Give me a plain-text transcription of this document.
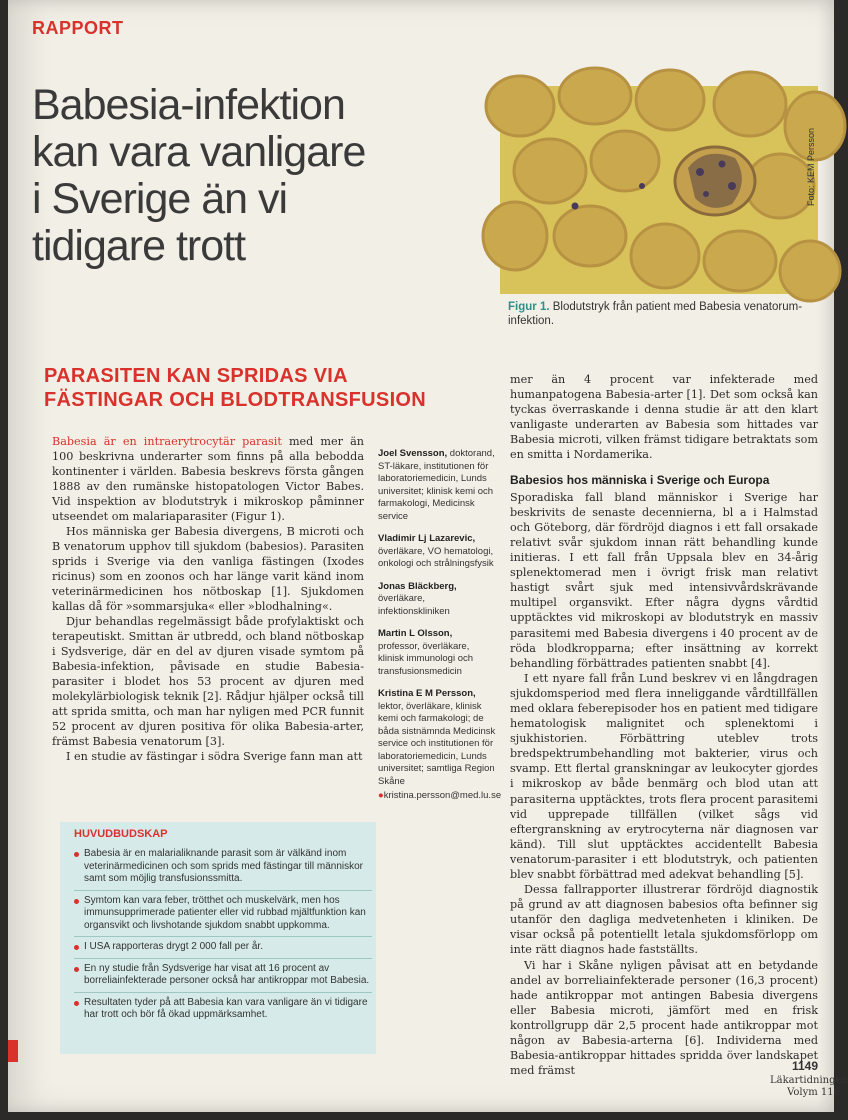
RAPPORT
Babesia-infektion
kan vara vanligare
i Sverige än vi
tidigare trott
Foto: KEM Persson
Figur 1. Blodutstryk från patient med Babesia venatorum-infektion.
PARASITEN KAN SPRIDAS VIA
FÄSTINGAR OCH BLODTRANSFUSION

Babesia är en intraerytrocytär parasit med mer än 100 beskrivna underarter som finns på alla bebodda kontinenter i världen. Babesia beskrevs första gången 1888 av den rumänske histopatologen Victor Babes. Vid inspektion av blodutstryk i mikroskop påminner utseendet om malariaparasiter (Figur 1).

Hos människa ger Babesia divergens, B microti och B venatorum upphov till sjukdom (babesios). Parasiten sprids i Sverige via den vanliga fästingen (Ixodes ricinus) som en zoonos och har länge varit känd inom veterinärmedicinen hos nötboskap [1]. Sjukdomen kallas då för »sommarsjuka« eller »blodhalning«.

Djur behandlas regelmässigt både profylaktiskt och terapeutiskt. Smittan är utbredd, och bland nötboskap i Sydsverige, där en del av djuren visade symtom på Babesia-infektion, påvisade en studie Babesia-parasiter i blodet hos 53 procent av djuren med molekylärbiologisk teknik [2]. Rådjur hjälper också till att sprida smitta, och man har nyligen med PCR funnit 52 procent av djuren positiva för olika Babesia-arter, främst Babesia venatorum [3].

I en studie av fästingar i södra Sverige fann man att

Joel Svensson, doktorand, ST-läkare, institutionen för laboratoriemedicin, Lunds universitet; klinisk kemi och farmakologi, Medicinsk service
Vladimir Lj Lazarevic, överläkare, VO hematologi, onkologi och strålningsfysik
Jonas Bläckberg, överläkare, infektionskliniken
Martin L Olsson, professor, överläkare, klinisk immunologi och transfusionsmedicin
Kristina E M Persson, lektor, överläkare, klinisk kemi och farmakologi; de båda sistnämnda Medicinsk service och institutionen för laboratoriemedicin, Lunds universitet; samtliga Region Skåne
●kristina.persson@med.lu.se

mer än 4 procent var infekterade med humanpatogena Babesia-arter [1]. Det som också kan tyckas överraskande i denna studie är att den klart vanligaste underarten av Babesia som hittades var Babesia microti, vilken främst tidigare betraktats som en smitta i Nordamerika.

Babesios hos människa i Sverige och Europa

Sporadiska fall bland människor i Sverige har beskrivits de senaste decennierna, bl a i Halmstad och Göteborg, där fördröjd diagnos i ett fall orsakade relativt svår sjukdom innan rätt behandling kunde initieras. I ett fall från Uppsala blev en 34-årig splenektomerad men i övrigt frisk man relativt hastigt svårt sjuk med intensivvårdskrävande multipel organsvikt. Efter några dygns vårdtid upptäcktes vid mikroskopi av blodutstryk en massiv parasitemi med Babesia divergens i 40 procent av de röda blodkropparna; efter insättning av korrekt behandling förbättrades patienten snabbt [4].

I ett nyare fall från Lund beskrev vi en långdragen sjukdomsperiod med flera inneliggande vårdtillfällen med oklara feberepisoder hos en patient med tidigare hematologisk malignitet och splenektomi i sjukhistorien. Förbättring uteblev trots bredspektrumbehandling mot bakterier, virus och svamp. Ett flertal granskningar av leukocyter gjordes i mikroskop av både benmärg och blod utan att parasiterna upptäcktes, trots flera procent parasitemi vid upprepade tillfällen (vilket sågs vid eftergranskning av erytrocyterna när diagnosen var känd). Till slut upptäcktes accidentellt Babesia venatorum-parasiter i ett blodutstryk, och patienten blev snabbt förbättrad med adekvat behandling [5].

Dessa fallrapporter illustrerar fördröjd diagnostik på grund av att diagnosen babesios ofta befinner sig utanför den dagliga medvetenheten i kliniken. De visar också på potentiellt letala sjukdomsförlopp om inte rätt diagnos hade fastställts.

Vi har i Skåne nyligen påvisat att en betydande andel av borreliainfekterade personer (16,3 procent) hade antikroppar mot antingen Babesia divergens eller Babesia microti, jämfört med en frisk kontrollgrupp där 2,5 procent hade antikroppar mot någon av Babesia-arterna [6]. Individerna med Babesia-antikroppar hittades spridda över landskapet med främst

HUVUDBUDSKAP
Babesia är en malarialiknande parasit som är välkänd inom veterinärmedicinen och som sprids med fästingar till människor samt som möjlig transfusionssmitta.
Symtom kan vara feber, trötthet och muskelvärk, men hos immunsupprimerade patienter eller vid rubbad mjältfunktion kan organsvikt och livshotande sjukdom snabbt uppkomma.
I USA rapporteras drygt 2 000 fall per år.
En ny studie från Sydsverige har visat att 16 procent av borreliainfekterade personer också har antikroppar mot Babesia.
Resultaten tyder på att Babesia kan vara vanligare än vi tidigare har trott och bör få ökad uppmärksamhet.
1149
Läkartidningen
Volym 116
